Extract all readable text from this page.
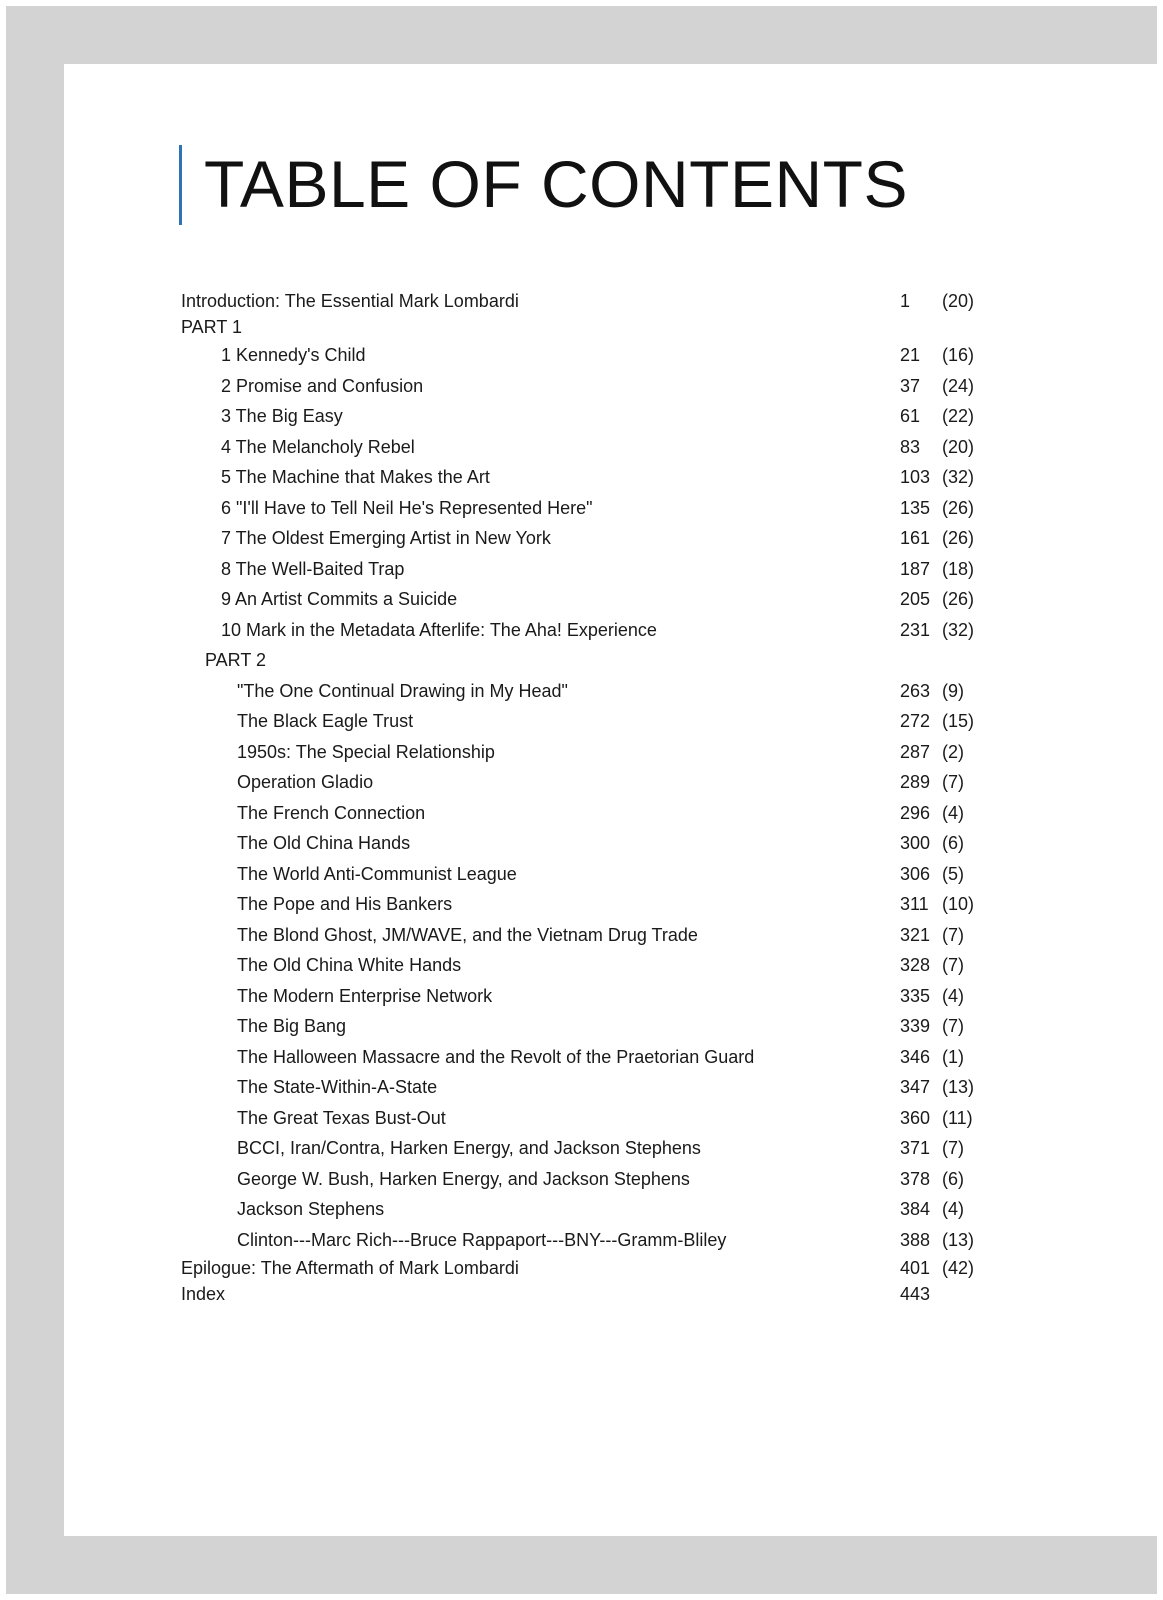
TABLE OF CONTENTS
Introduction: The Essential Mark Lombardi	1 (20)
PART 1
1 Kennedy's Child	21 (16)
2 Promise and Confusion	37 (24)
3 The Big Easy	61 (22)
4 The Melancholy Rebel	83 (20)
5 The Machine that Makes the Art	103 (32)
6 "I'll Have to Tell Neil He's Represented Here"	135 (26)
7 The Oldest Emerging Artist in New York	161 (26)
8 The Well-Baited Trap	187 (18)
9 An Artist Commits a Suicide	205 (26)
10 Mark in the Metadata Afterlife: The Aha! Experience	231 (32)
PART 2
"The One Continual Drawing in My Head"	263 (9)
The Black Eagle Trust	272 (15)
1950s: The Special Relationship	287 (2)
Operation Gladio	289 (7)
The French Connection	296 (4)
The Old China Hands	300 (6)
The World Anti-Communist League	306 (5)
The Pope and His Bankers	311 (10)
The Blond Ghost, JM/WAVE, and the Vietnam Drug Trade	321 (7)
The Old China White Hands	328 (7)
The Modern Enterprise Network	335 (4)
The Big Bang	339 (7)
The Halloween Massacre and the Revolt of the Praetorian Guard	346 (1)
The State-Within-A-State	347 (13)
The Great Texas Bust-Out	360 (11)
BCCI, Iran/Contra, Harken Energy, and Jackson Stephens	371 (7)
George W. Bush, Harken Energy, and Jackson Stephens	378 (6)
Jackson Stephens	384 (4)
Clinton---Marc Rich---Bruce Rappaport---BNY---Gramm-Bliley	388 (13)
Epilogue: The Aftermath of Mark Lombardi	401 (42)
Index	443
